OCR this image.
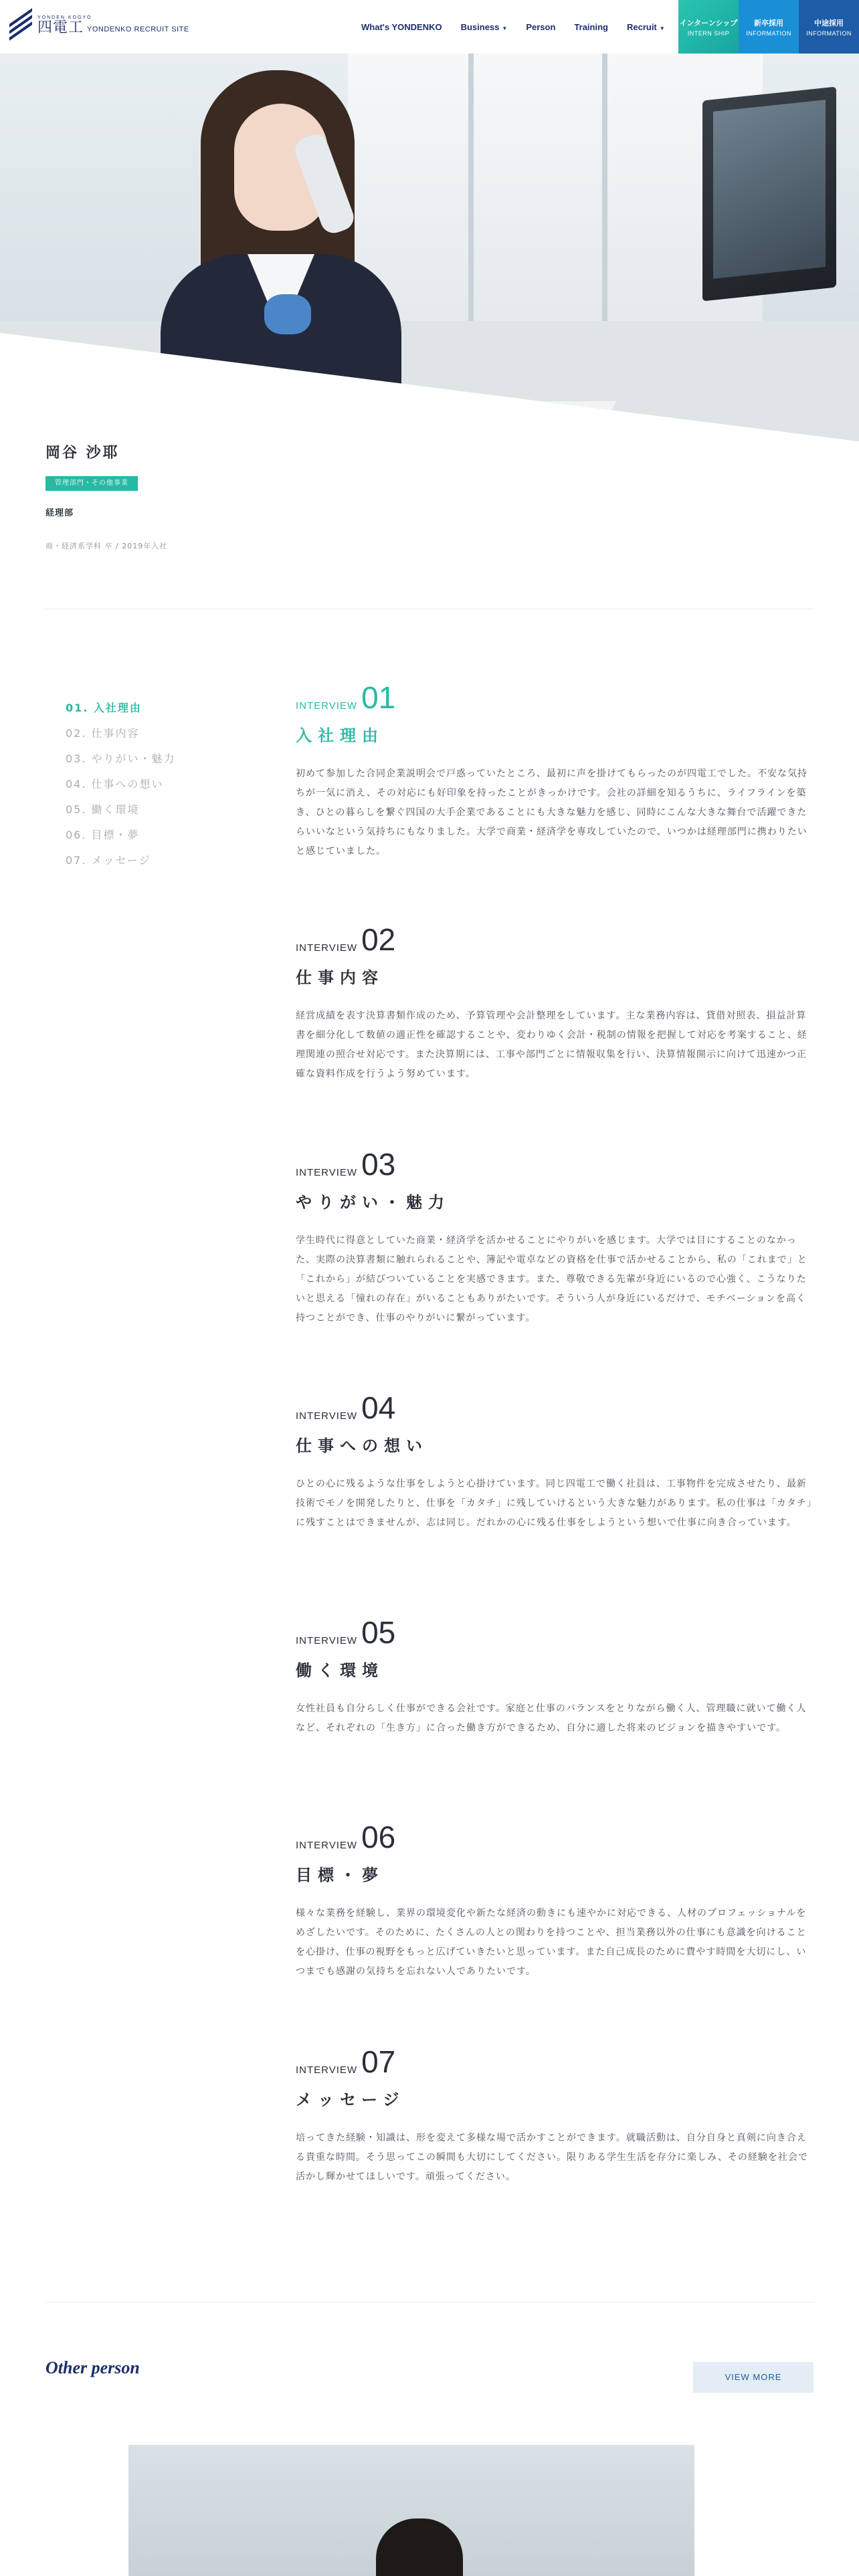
YONDEN KOGYO
四電工 YONDENKO RECRUIT SITE	What's YONDENKO Business ▼ Person Training Recruit ▼
インターンシップ
INTERN SHIP
新卒採用
INFORMATION
中途採用
INFORMATION
岡谷 沙耶
管理部門・その他事業

経理部

商・経済系学科 卒 / 2019年入社

01. 入社理由
02. 仕事内容
03. やりがい・魅力
04. 仕事への想い
05. 働く環境
06. 目標・夢
07. メッセージ
INTERVIEW 01
入社理由

初めて参加した合同企業説明会で戸惑っていたところ、最初に声を掛けてもらったのが四電工でした。不安な気持ちが一気に消え、その対応にも好印象を持ったことがきっかけです。会社の詳細を知るうちに、ライフラインを築き、ひとの暮らしを繋ぐ四国の大手企業であることにも大きな魅力を感じ、同時にこんな大きな舞台で活躍できたらいいなという気持ちにもなりました。大学で商業・経済学を専攻していたので、いつかは経理部門に携わりたいと感じていました。

INTERVIEW 02
仕事内容

経営成績を表す決算書類作成のため、予算管理や会計整理をしています。主な業務内容は、貸借対照表、損益計算書を細分化して数値の適正性を確認することや、変わりゆく会計・税制の情報を把握して対応を考案すること、経理関連の照合せ対応です。また決算期には、工事や部門ごとに情報収集を行い、決算情報開示に向けて迅速かつ正確な資料作成を行うよう努めています。

INTERVIEW 03
やりがい・魅力

学生時代に得意としていた商業・経済学を活かせることにやりがいを感じます。大学では目にすることのなかった、実際の決算書類に触れられることや、簿記や電卓などの資格を仕事で活かせることから、私の「これまで」と「これから」が結びついていることを実感できます。また、尊敬できる先輩が身近にいるので心強く、こうなりたいと思える「憧れの存在」がいることもありがたいです。そういう人が身近にいるだけで、モチベーションを高く持つことができ、仕事のやりがいに繋がっています。

INTERVIEW 04
仕事への想い

ひとの心に残るような仕事をしようと心掛けています。同じ四電工で働く社員は、工事物件を完成させたり、最新技術でモノを開発したりと、仕事を「カタチ」に残していけるという大きな魅力があります。私の仕事は「カタチ」に残すことはできませんが、志は同じ。だれかの心に残る仕事をしようという想いで仕事に向き合っています。

INTERVIEW 05
働く環境

女性社員も自分らしく仕事ができる会社です。家庭と仕事のバランスをとりながら働く人、管理職に就いて働く人など、それぞれの「生き方」に合った働き方ができるため、自分に適した将来のビジョンを描きやすいです。

INTERVIEW 06
目標・夢

様々な業務を経験し、業界の環境変化や新たな経済の動きにも速やかに対応できる、人材のプロフェッショナルをめざしたいです。そのために、たくさんの人との関わりを持つことや、担当業務以外の仕事にも意識を向けることを心掛け、仕事の視野をもっと広げていきたいと思っています。また自己成長のために費やす時間を大切にし、いつまでも感謝の気持ちを忘れない人でありたいです。

INTERVIEW 07
メッセージ

培ってきた経験・知識は、形を変えて多様な場で活かすことができます。就職活動は、自分自身と真剣に向き合える貴重な時間。そう思ってこの瞬間も大切にしてください。限りある学生生活を存分に楽しみ、その経験を社会で活かし輝かせてほしいです。頑張ってください。

Other person	VIEW MORE
